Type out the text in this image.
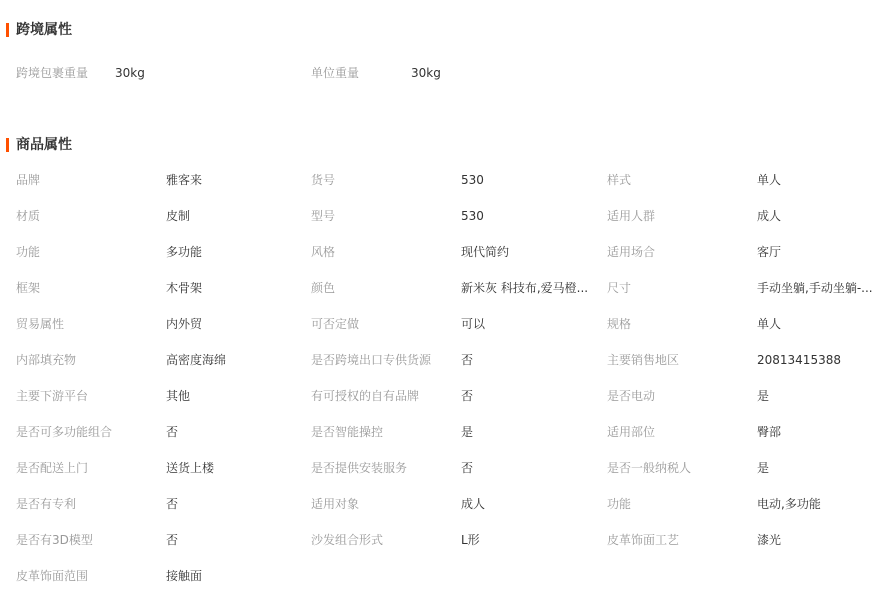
跨境属性
跨境包裹重量	30kg	单位重量	30kg
商品属性
品牌	雅客来	货号	530	样式	单人
材质	皮制	型号	530	适用人群	成人
功能	多功能	风格	现代简约	适用场合	客厅
框架	木骨架	颜色	新米灰 科技布,爱马橙...	尺寸	手动坐躺,手动坐躺-...
贸易属性	内外贸	可否定做	可以	规格	单人
内部填充物	高密度海绵	是否跨境出口专供货源	否	主要销售地区	20813415388
主要下游平台	其他	有可授权的自有品牌	否	是否电动	是
是否可多功能组合	否	是否智能操控	是	适用部位	臀部
是否配送上门	送货上楼	是否提供安装服务	否	是否一般纳税人	是
是否有专利	否	适用对象	成人	功能	电动,多功能
是否有3D模型	否	沙发组合形式	L形	皮革饰面工艺	漆光
皮革饰面范围	接触面
